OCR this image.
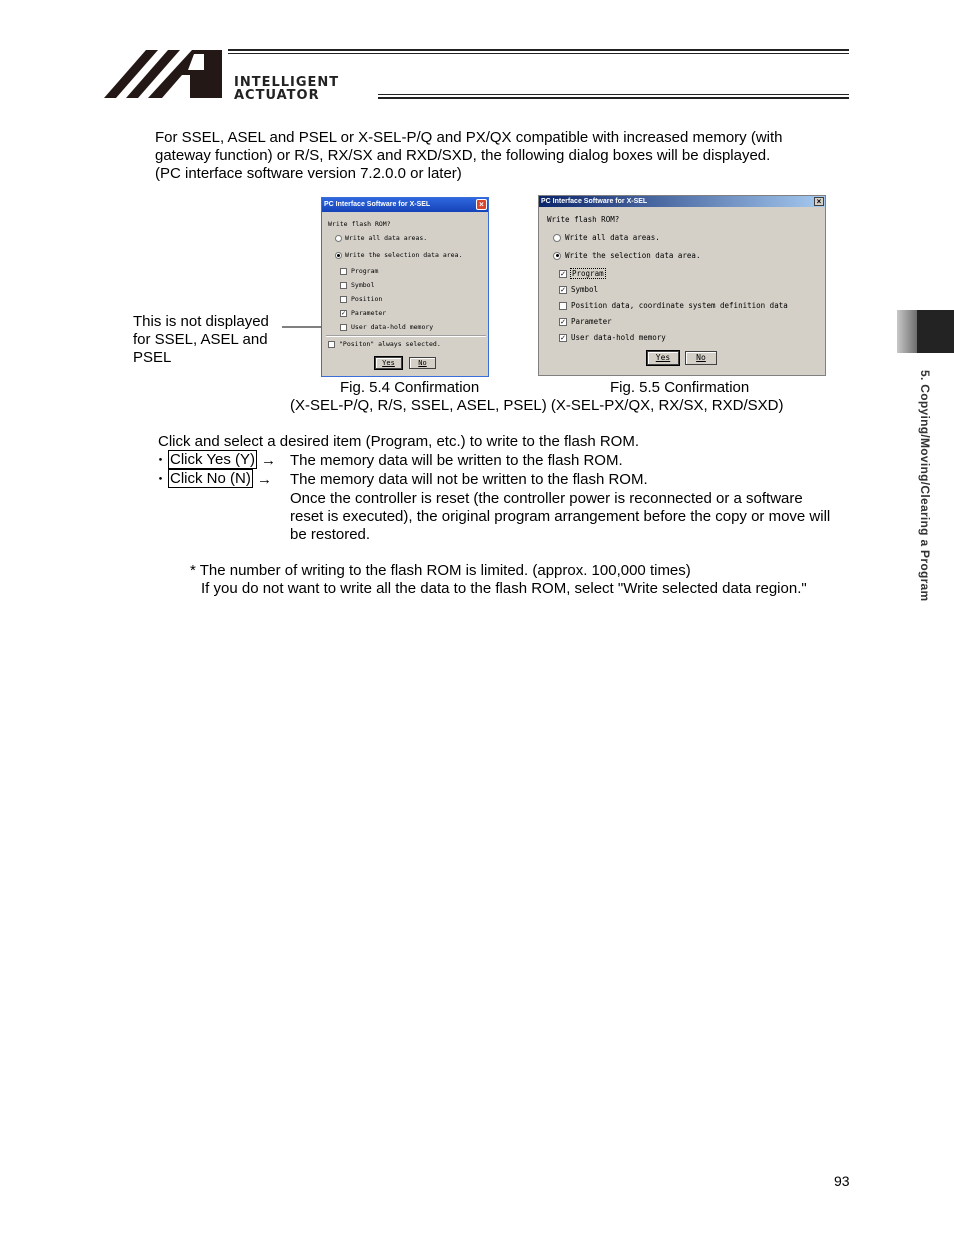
INTELLIGENT
ACTUATOR
For SSEL, ASEL and PSEL or X-SEL-P/Q and PX/QX compatible with increased memory (with
gateway function) or R/S, RX/SX and RXD/SXD, the following dialog boxes will be displayed.
(PC interface software version 7.2.0.0 or later)
This is not displayed
for SSEL, ASEL and
PSEL
PC Interface Software for X-SEL	×
Write flash ROM?
Write all data areas.
Write the selection data area.
Program
Symbol
Position
✓ Parameter
User data-hold memory
"Positon" always selected.
Yes	No
PC Interface Software for X-SEL	×
Write flash ROM?
Write all data areas.
Write the selection data area.
✓ Program
✓ Symbol
Position data, coordinate system definition data
✓ Parameter
✓ User data-hold memory
Yes	No
Fig. 5.4 Confirmation	Fig. 5.5 Confirmation
(X-SEL-P/Q, R/S, SSEL, ASEL, PSEL) (X-SEL-PX/QX, RX/SX, RXD/SXD)
Click and select a desired item (Program, etc.) to write to the flash ROM.
・ Click Yes (Y) → The memory data will be written to the flash ROM.
・ Click No (N) → The memory data will not be written to the flash ROM.
Once the controller is reset (the controller power is reconnected or a software
reset is executed), the original program arrangement before the copy or move will
be restored.
* The number of writing to the flash ROM is limited. (approx. 100,000 times)
If you do not want to write all the data to the flash ROM, select "Write selected data region."	5. Copying/Moving/Clearing a Program
93
